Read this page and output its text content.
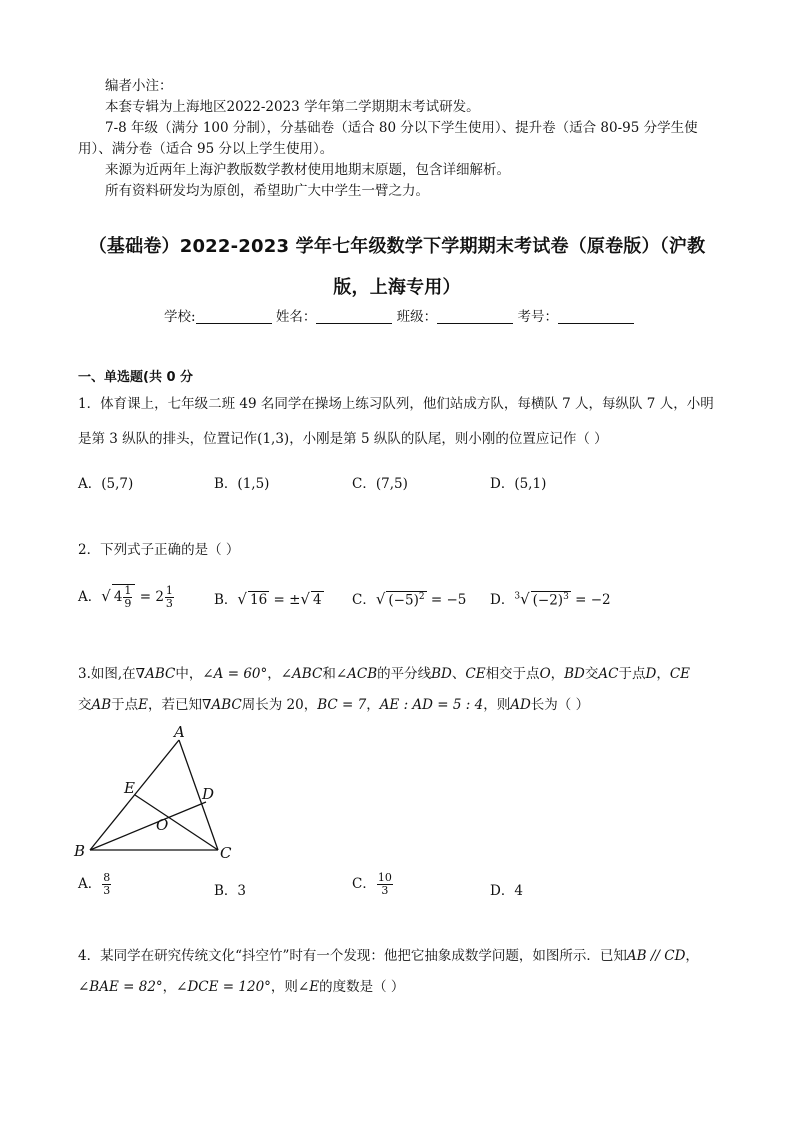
编者小注：
本套专辑为上海地区2022-2023 学年第二学期期末考试研发。
7-8 年级（满分 100 分制），分基础卷（适合 80 分以下学生使用）、提升卷（适合 80-95 分学生使
用）、满分卷（适合 95 分以上学生使用）。
来源为近两年上海沪教版数学教材使用地期末原题，包含详细解析。
所有资料研发均为原创，希望助广大中学生一臂之力。
（基础卷）2022-2023 学年七年级数学下学期期末考试卷（原卷版）（沪教
版，上海专用）
学校:	姓名：	班级：	考号：
一、单选题(共 0 分
1．体育课上，七年级二班 49 名同学在操场上练习队列，他们站成方队，每横队 7 人，每纵队 7 人，小明
是第 3 纵队的排头，位置记作(1,3)，小刚是第 5 纵队的队尾，则小刚的位置应记作（ ）
A．(5,7)	B．(1,5)	C．(7,5)	D．(5,1)
2．下列式子正确的是（ ）
A．√ $4 \frac{1}{9} = 2 \frac{1}{3}$	B．√ 16 = ±√ 4 C．√ $(-5)^2 = -5$ D．$^3$√ $(-2)^3 = -2$
3.如图,在∇ABC中，∠A = 60°，∠ABC和∠ACB的平分线BD、CE相交于点O，BD交AC于点D，CE
交AB于点E，若已知∇ABC周长为 20，BC = 7，AE : AD = 5 : 4，则AD长为（ ）
A
B	C
D
E
O
A． $\frac{8}{3}$	B．3	C． $\frac{10}{3}$	D．4
4．某同学在研究传统文化“抖空竹”时有一个发现：他把它抽象成数学问题，如图所示．已知AB // CD，
∠BAE = 82°，∠DCE = 120°，则∠E的度数是（ ）
